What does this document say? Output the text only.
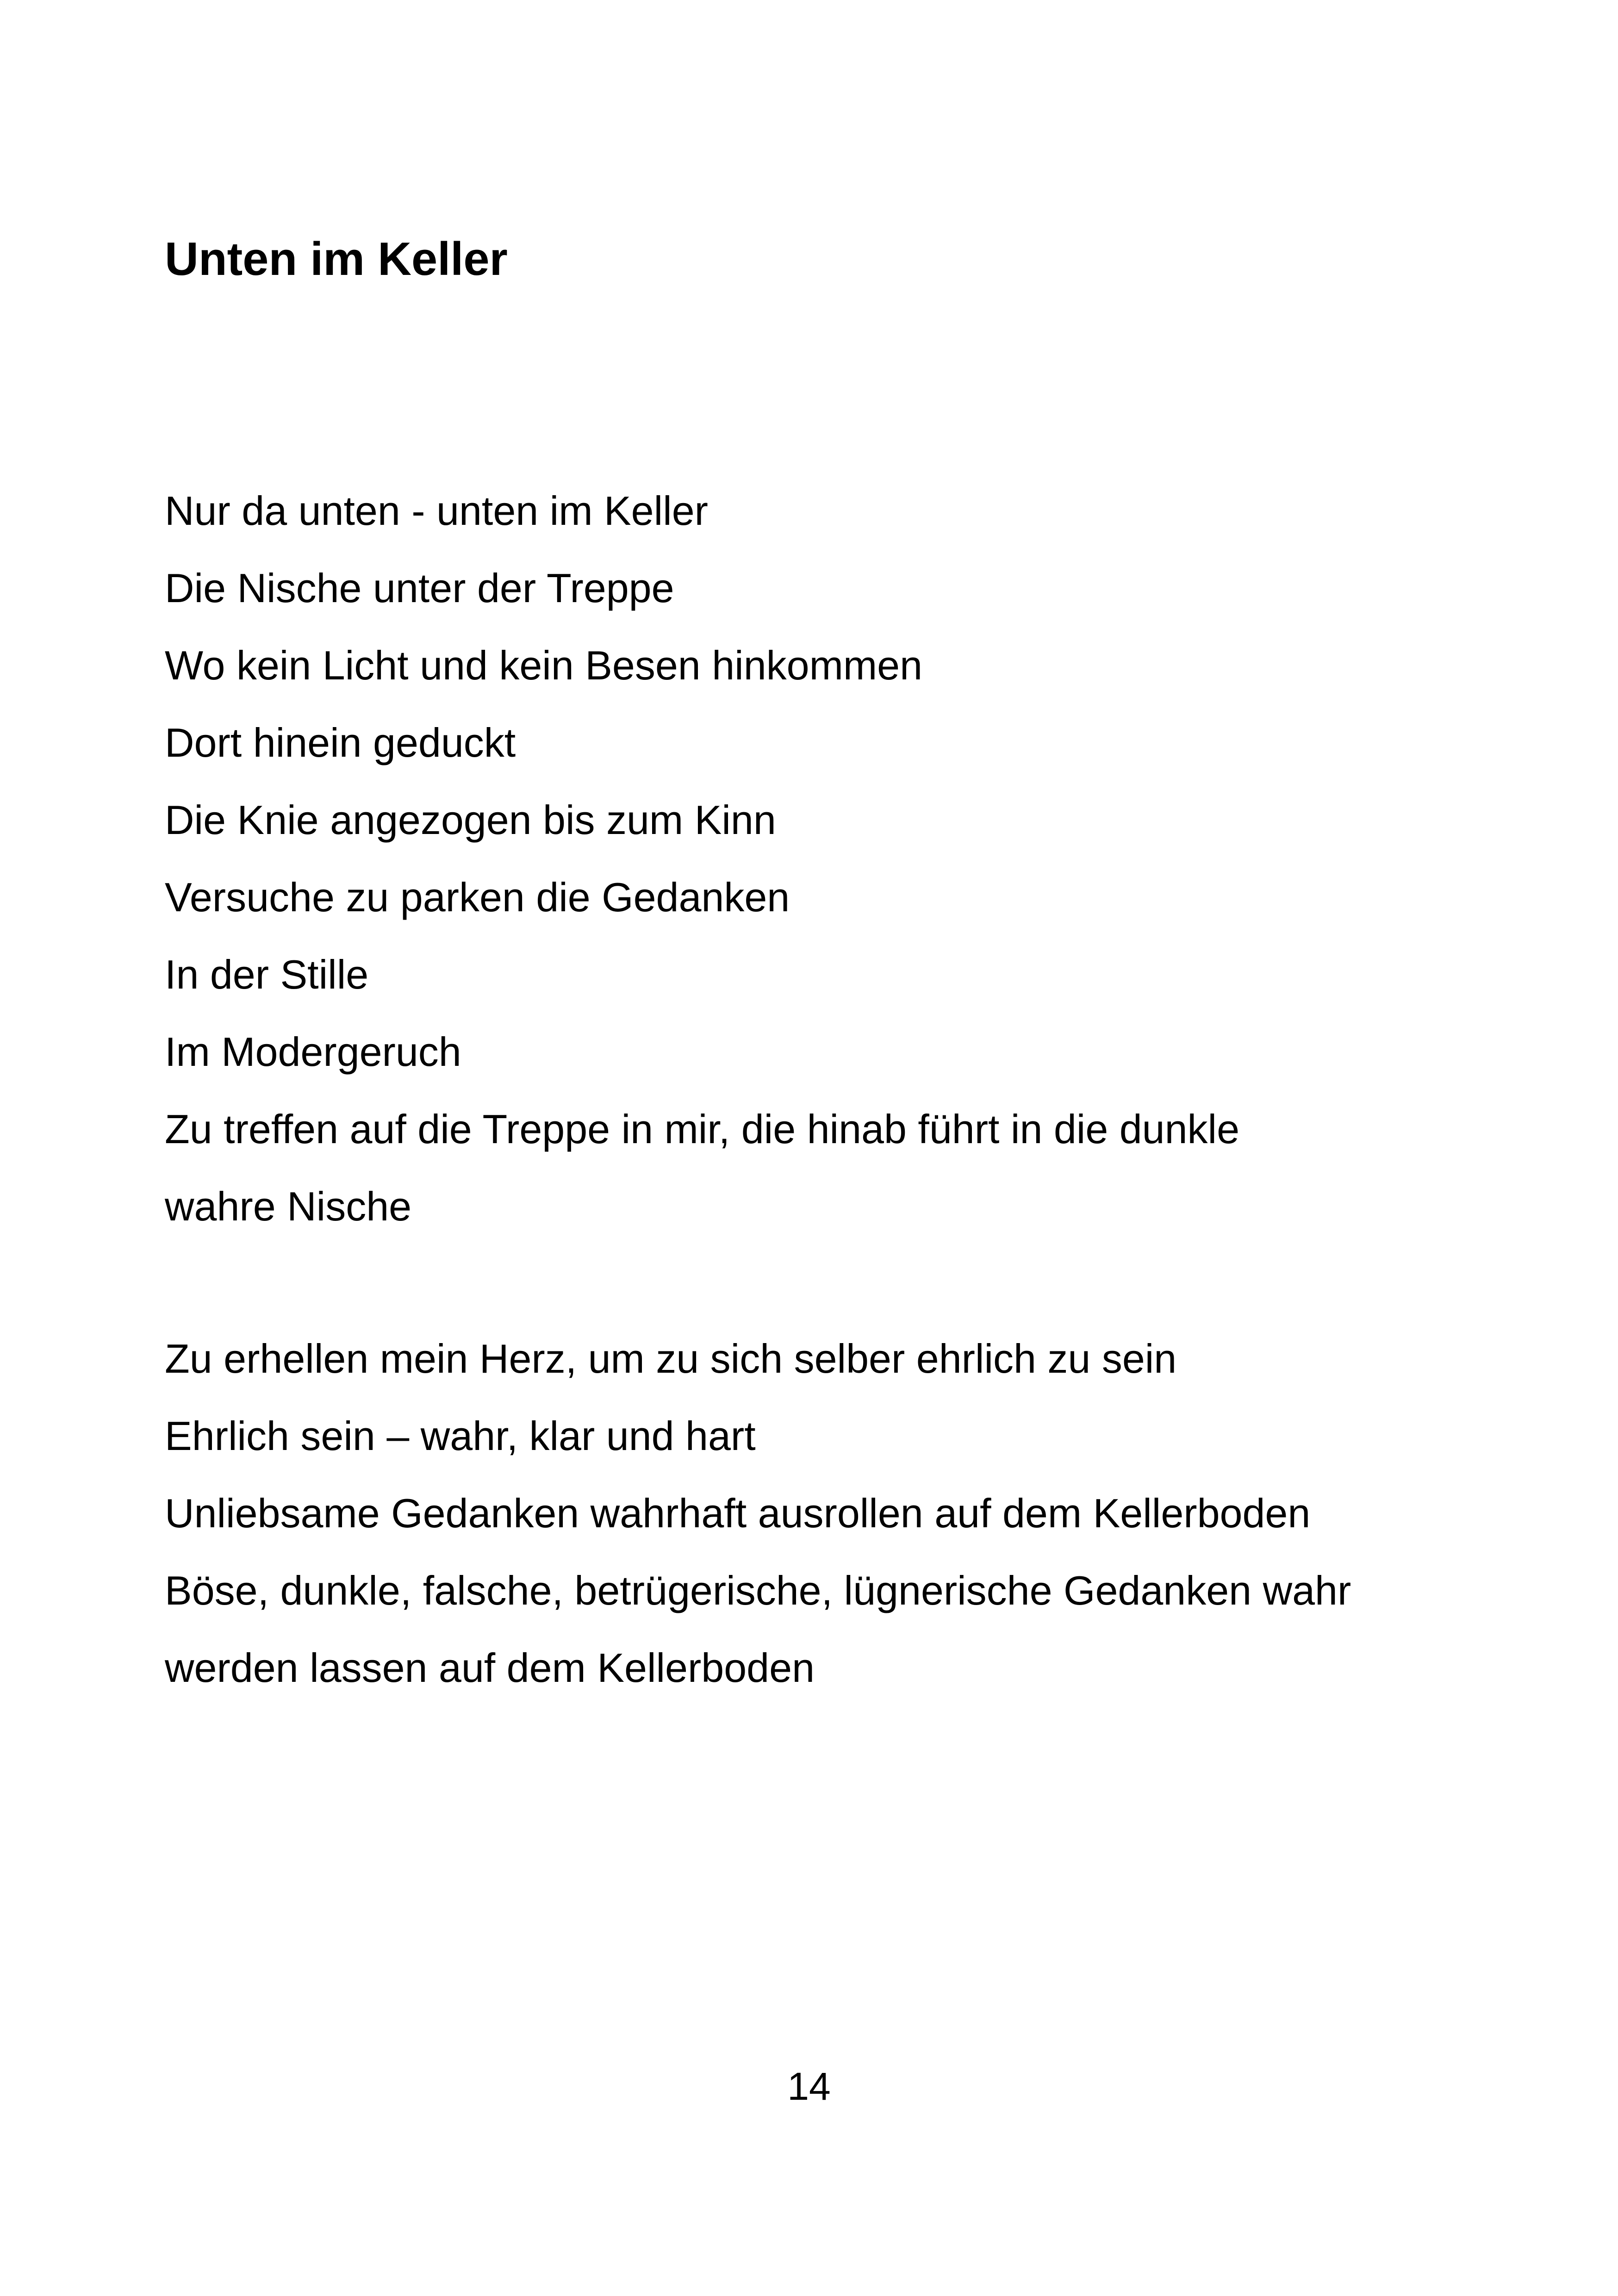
Unten im Keller
Nur da unten - unten im Keller
Die Nische unter der Treppe
Wo kein Licht und kein Besen hinkommen
Dort hinein geduckt
Die Knie angezogen bis zum Kinn
Versuche zu parken die Gedanken
In der Stille
Im Modergeruch
Zu treffen auf die Treppe in mir, die hinab führt in die dunkle
wahre Nische
Zu erhellen mein Herz, um zu sich selber ehrlich zu sein
Ehrlich sein – wahr, klar und hart
Unliebsame Gedanken wahrhaft ausrollen auf dem Kellerboden
Böse, dunkle, falsche, betrügerische, lügnerische Gedanken wahr
werden lassen auf dem Kellerboden
14
